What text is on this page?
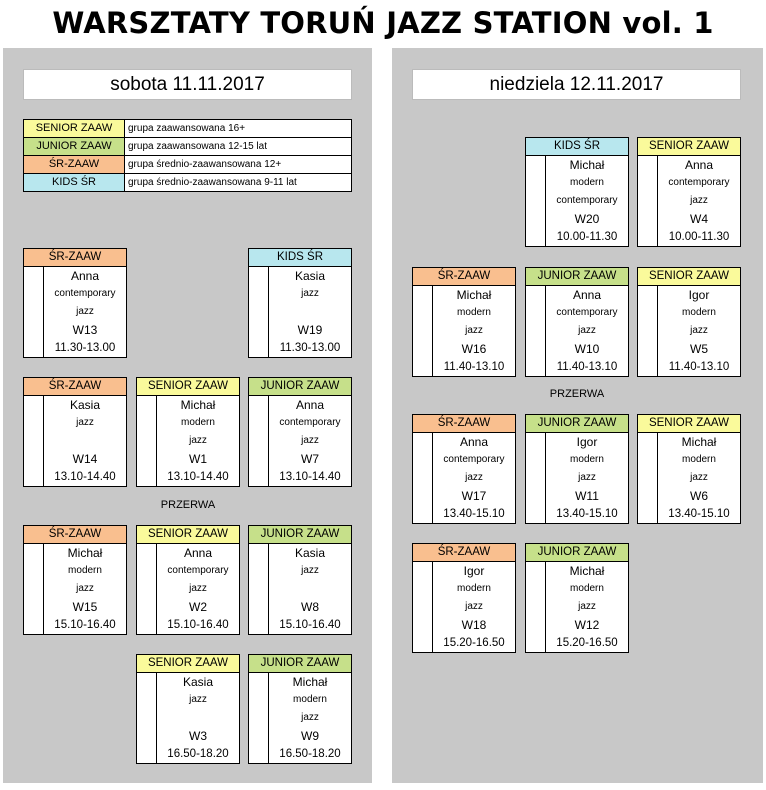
WARSZTATY TORUŃ JAZZ STATION vol. 1
sobota 11.11.2017	niedziela 12.11.2017
SENIOR ZAAW	grupa zaawansowana 16+
JUNIOR ZAAW	grupa zaawansowana 12-15 lat
ŚR-ZAAW	grupa średnio-zaawansowana 12+
KIDS ŚR	grupa średnio-zaawansowana 9-11 lat
PRZERWA
PRZERWA
ŚR-ZAAW
Anna
contemporary
jazz
W13
11.30-13.00
KIDS ŚR
Kasia
jazz
W19
11.30-13.00
ŚR-ZAAW
Kasia
jazz
W14
13.10-14.40
SENIOR ZAAW
Michał
modern
jazz
W1
13.10-14.40
JUNIOR ZAAW
Anna
contemporary
jazz
W7
13.10-14.40
ŚR-ZAAW
Michał
modern
jazz
W15
15.10-16.40
SENIOR ZAAW
Anna
contemporary
jazz
W2
15.10-16.40
JUNIOR ZAAW
Kasia
jazz
W8
15.10-16.40
SENIOR ZAAW
Kasia
jazz
W3
16.50-18.20
JUNIOR ZAAW
Michał
modern
jazz
W9
16.50-18.20
KIDS ŚR
Michał
modern
contemporary
W20
10.00-11.30
SENIOR ZAAW
Anna
contemporary
jazz
W4
10.00-11.30
ŚR-ZAAW
Michał
modern
jazz
W16
11.40-13.10
JUNIOR ZAAW
Anna
contemporary
jazz
W10
11.40-13.10
SENIOR ZAAW
Igor
modern
jazz
W5
11.40-13.10
ŚR-ZAAW
Anna
contemporary
jazz
W17
13.40-15.10
JUNIOR ZAAW
Igor
modern
jazz
W11
13.40-15.10
SENIOR ZAAW
Michał
modern
jazz
W6
13.40-15.10
ŚR-ZAAW
Igor
modern
jazz
W18
15.20-16.50
JUNIOR ZAAW
Michał
modern
jazz
W12
15.20-16.50
